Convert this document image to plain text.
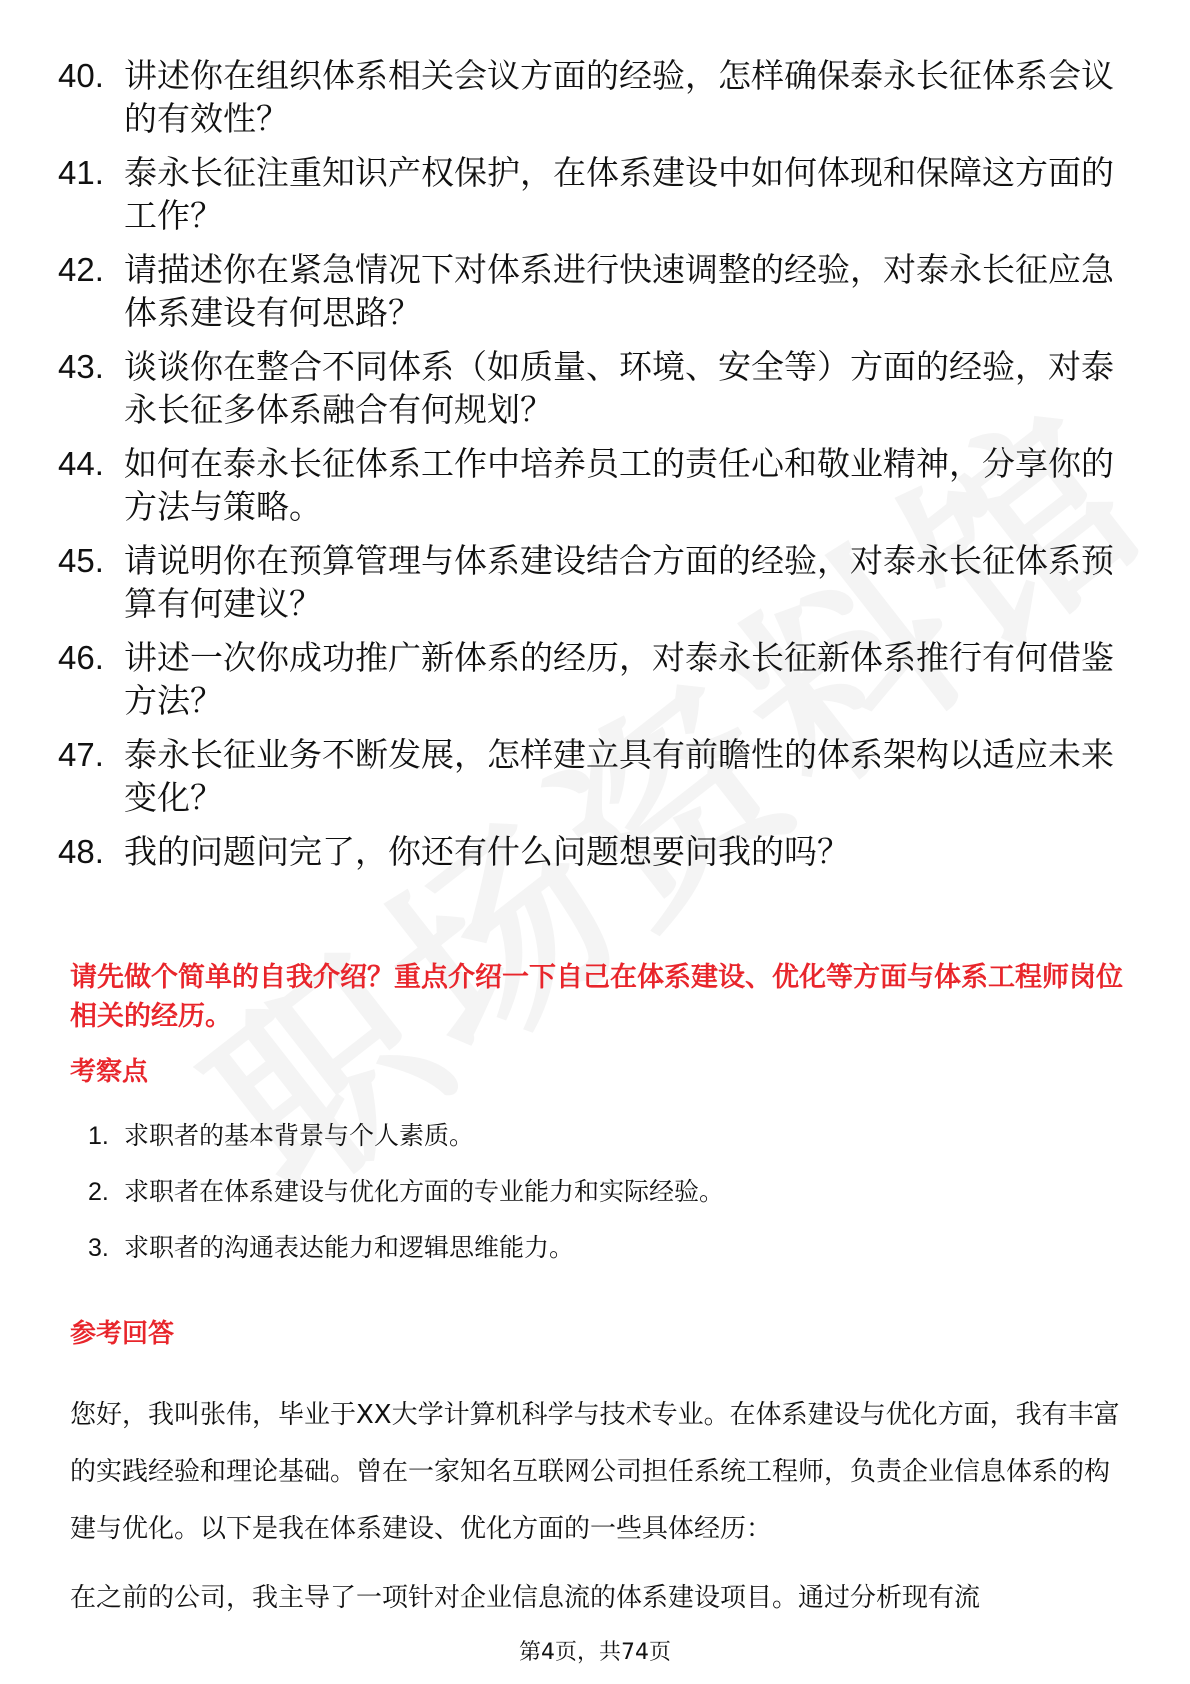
40. 讲述你在组织体系相关会议方面的经验，怎样确保泰永长征体系会议的有效性？
41. 泰永长征注重知识产权保护，在体系建设中如何体现和保障这方面的工作？
42. 请描述你在紧急情况下对体系进行快速调整的经验，对泰永长征应急体系建设有何思路？
43. 谈谈你在整合不同体系（如质量、环境、安全等）方面的经验，对泰永长征多体系融合有何规划？
44. 如何在泰永长征体系工作中培养员工的责任心和敬业精神，分享你的方法与策略。
45. 请说明你在预算管理与体系建设结合方面的经验，对泰永长征体系预算有何建议？
46. 讲述一次你成功推广新体系的经历，对泰永长征新体系推行有何借鉴方法？
47. 泰永长征业务不断发展，怎样建立具有前瞻性的体系架构以适应未来变化？
48. 我的问题问完了，你还有什么问题想要问我的吗？

请先做个简单的自我介绍？重点介绍一下自己在体系建设、优化等方面与体系工程师岗位相关的经历。

考察点

1. 求职者的基本背景与个人素质。
2. 求职者在体系建设与优化方面的专业能力和实际经验。
3. 求职者的沟通表达能力和逻辑思维能力。

参考回答

您好，我叫张伟，毕业于XX大学计算机科学与技术专业。在体系建设与优化方面，我有丰富的实践经验和理论基础。曾在一家知名互联网公司担任系统工程师，负责企业信息体系的构建与优化。以下是我在体系建设、优化方面的一些具体经历：

在之前的公司，我主导了一项针对企业信息流的体系建设项目。通过分析现有流

第4页，共74页
